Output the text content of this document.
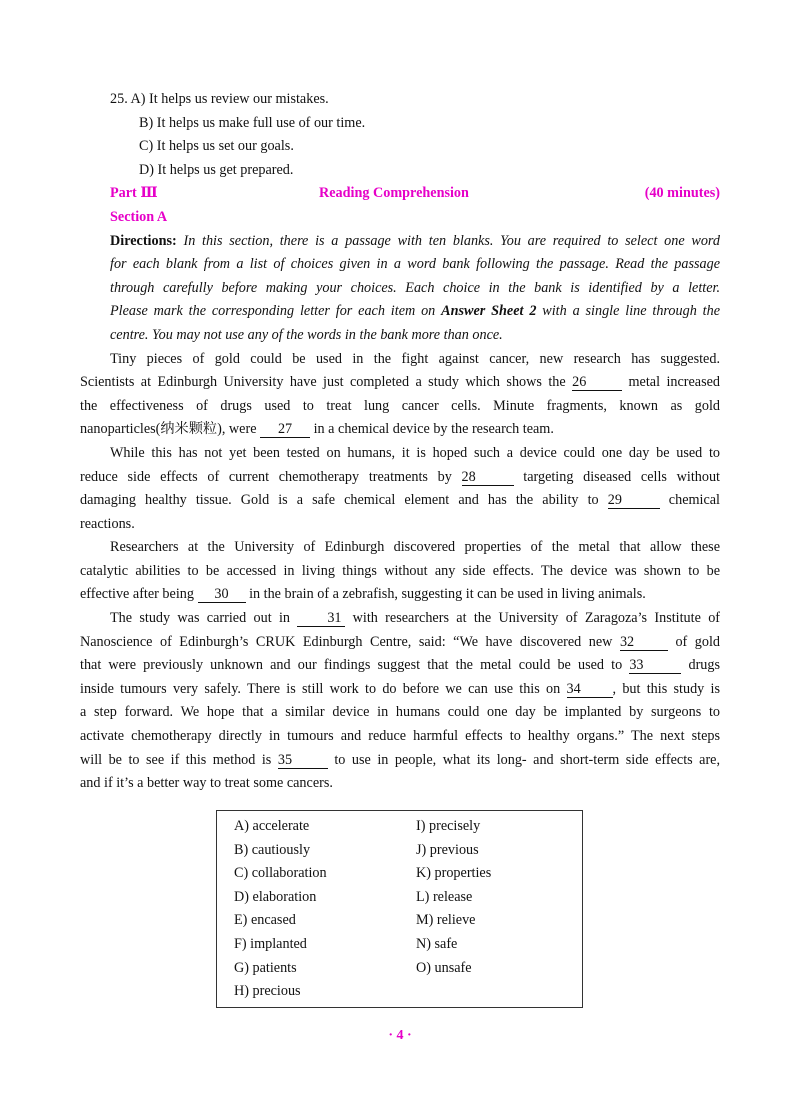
25. A) It helps us review our mistakes.
B) It helps us make full use of our time.
C) It helps us set our goals.
D) It helps us get prepared.
Part Ⅲ	Reading Comprehension	(40 minutes)
Section A
Directions: In this section, there is a passage with ten blanks. You are required to select one word
for each blank from a list of choices given in a word bank following the passage. Read the passage
through carefully before making your choices. Each choice in the bank is identified by a letter.
Please mark the corresponding letter for each item on Answer Sheet 2 with a single line through the
centre. You may not use any of the words in the bank more than once.
Tiny pieces of gold could be used in the fight against cancer, new research has suggested.
Scientists at Edinburgh University have just completed a study which shows the 26	metal increased
the effectiveness of drugs used to treat lung cancer cells. Minute fragments, known as gold
nanoparticles(纳米颗粒), were 27 in a chemical device by the research team.
While this has not yet been tested on humans, it is hoped such a device could one day be used to
reduce side effects of current chemotherapy treatments by 28	targeting diseased cells without
damaging healthy tissue. Gold is a safe chemical element and has the ability to 29	chemical
reactions.
Researchers at the University of Edinburgh discovered properties of the metal that allow these
catalytic abilities to be accessed in living things without any side effects. The device was shown to be
effective after being 30 in the brain of a zebrafish, suggesting it can be used in living animals.
The study was carried out in	31 with researchers at the University of Zaragoza’s Institute of
Nanoscience of Edinburgh’s CRUK Edinburgh Centre, said: “We have discovered new 32	of gold
that were previously unknown and our findings suggest that the metal could be used to 33	drugs
inside tumours very safely. There is still work to do before we can use this on 34 , but this study is
a step forward. We hope that a similar device in humans could one day be implanted by surgeons to
activate chemotherapy directly in tumours and reduce harmful effects to healthy organs.” The next steps
will be to see if this method is 35	to use in people, what its long- and short-term side effects are,
and if it’s a better way to treat some cancers.
A) accelerate
B) cautiously
C) collaboration
D) elaboration
E) encased
F) implanted
G) patients
H) precious
I) precisely
J) previous
K) properties
L) release
M) relieve
N) safe
O) unsafe
· 4 ·
